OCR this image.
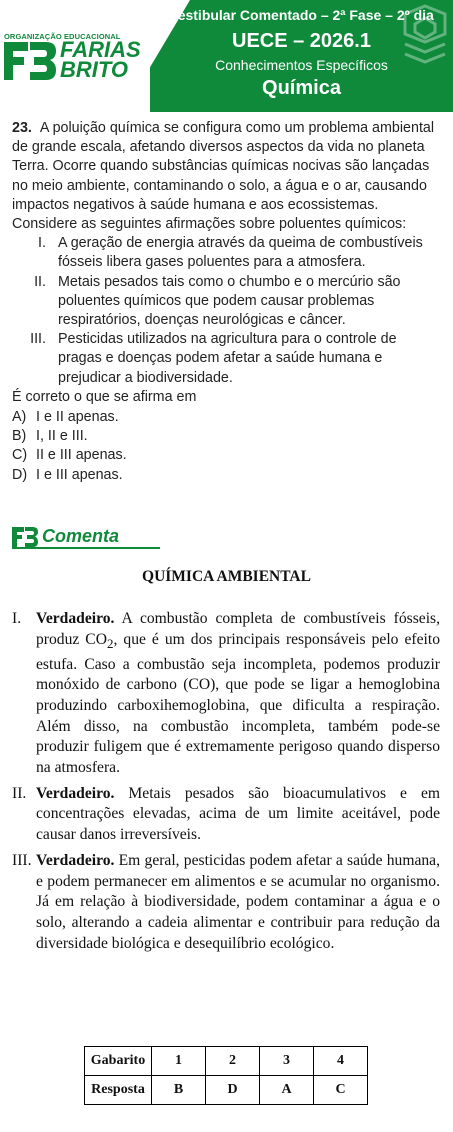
ORGANIZAÇÃO EDUCACIONAL
FARIAS
BRITO
Vestibular Comentado – 2ª Fase – 2º dia
UECE – 2026.1
Conhecimentos Específicos
Química

23. A poluição química se configura como um problema ambiental de grande escala, afetando diversos aspectos da vida no planeta Terra. Ocorre quando substâncias químicas nocivas são lançadas no meio ambiente, contaminando o solo, a água e o ar, causando impactos negativos à saúde humana e aos ecossistemas. Considere as seguintes afirmações sobre poluentes químicos:

I. A geração de energia através da queima de combustíveis fósseis libera gases poluentes para a atmosfera.
II. Metais pesados tais como o chumbo e o mercúrio são poluentes químicos que podem causar problemas respiratórios, doenças neurológicas e câncer.
III. Pesticidas utilizados na agricultura para o controle de pragas e doenças podem afetar a saúde humana e prejudicar a biodiversidade.

É correto o que se afirma em

A) I e II apenas.
B) I, II e III.
C) II e III apenas.
D) I e III apenas.
Comenta
QUÍMICA AMBIENTAL
I. Verdadeiro. A combustão completa de combustíveis fósseis, produz $CO_2$, que é um dos principais responsáveis pelo efeito estufa. Caso a combustão seja incompleta, podemos produzir monóxido de carbono (CO), que pode se ligar a hemoglobina produzindo carboxihemoglobina, que dificulta a respiração. Além disso, na combustão incompleta, também pode-se produzir fuligem que é extremamente perigoso quando disperso na atmosfera.
II. Verdadeiro. Metais pesados são bioacumulativos e em concentrações elevadas, acima de um limite aceitável, pode causar danos irreversíveis.
III. Verdadeiro. Em geral, pesticidas podem afetar a saúde humana, e podem permanecer em alimentos e se acumular no organismo. Já em relação à biodiversidade, podem contaminar a água e o solo, alterando a cadeia alimentar e contribuir para redução da diversidade biológica e desequilíbrio ecológico.
Gabarito	1	2	3	4
Resposta	B	D	A	C
